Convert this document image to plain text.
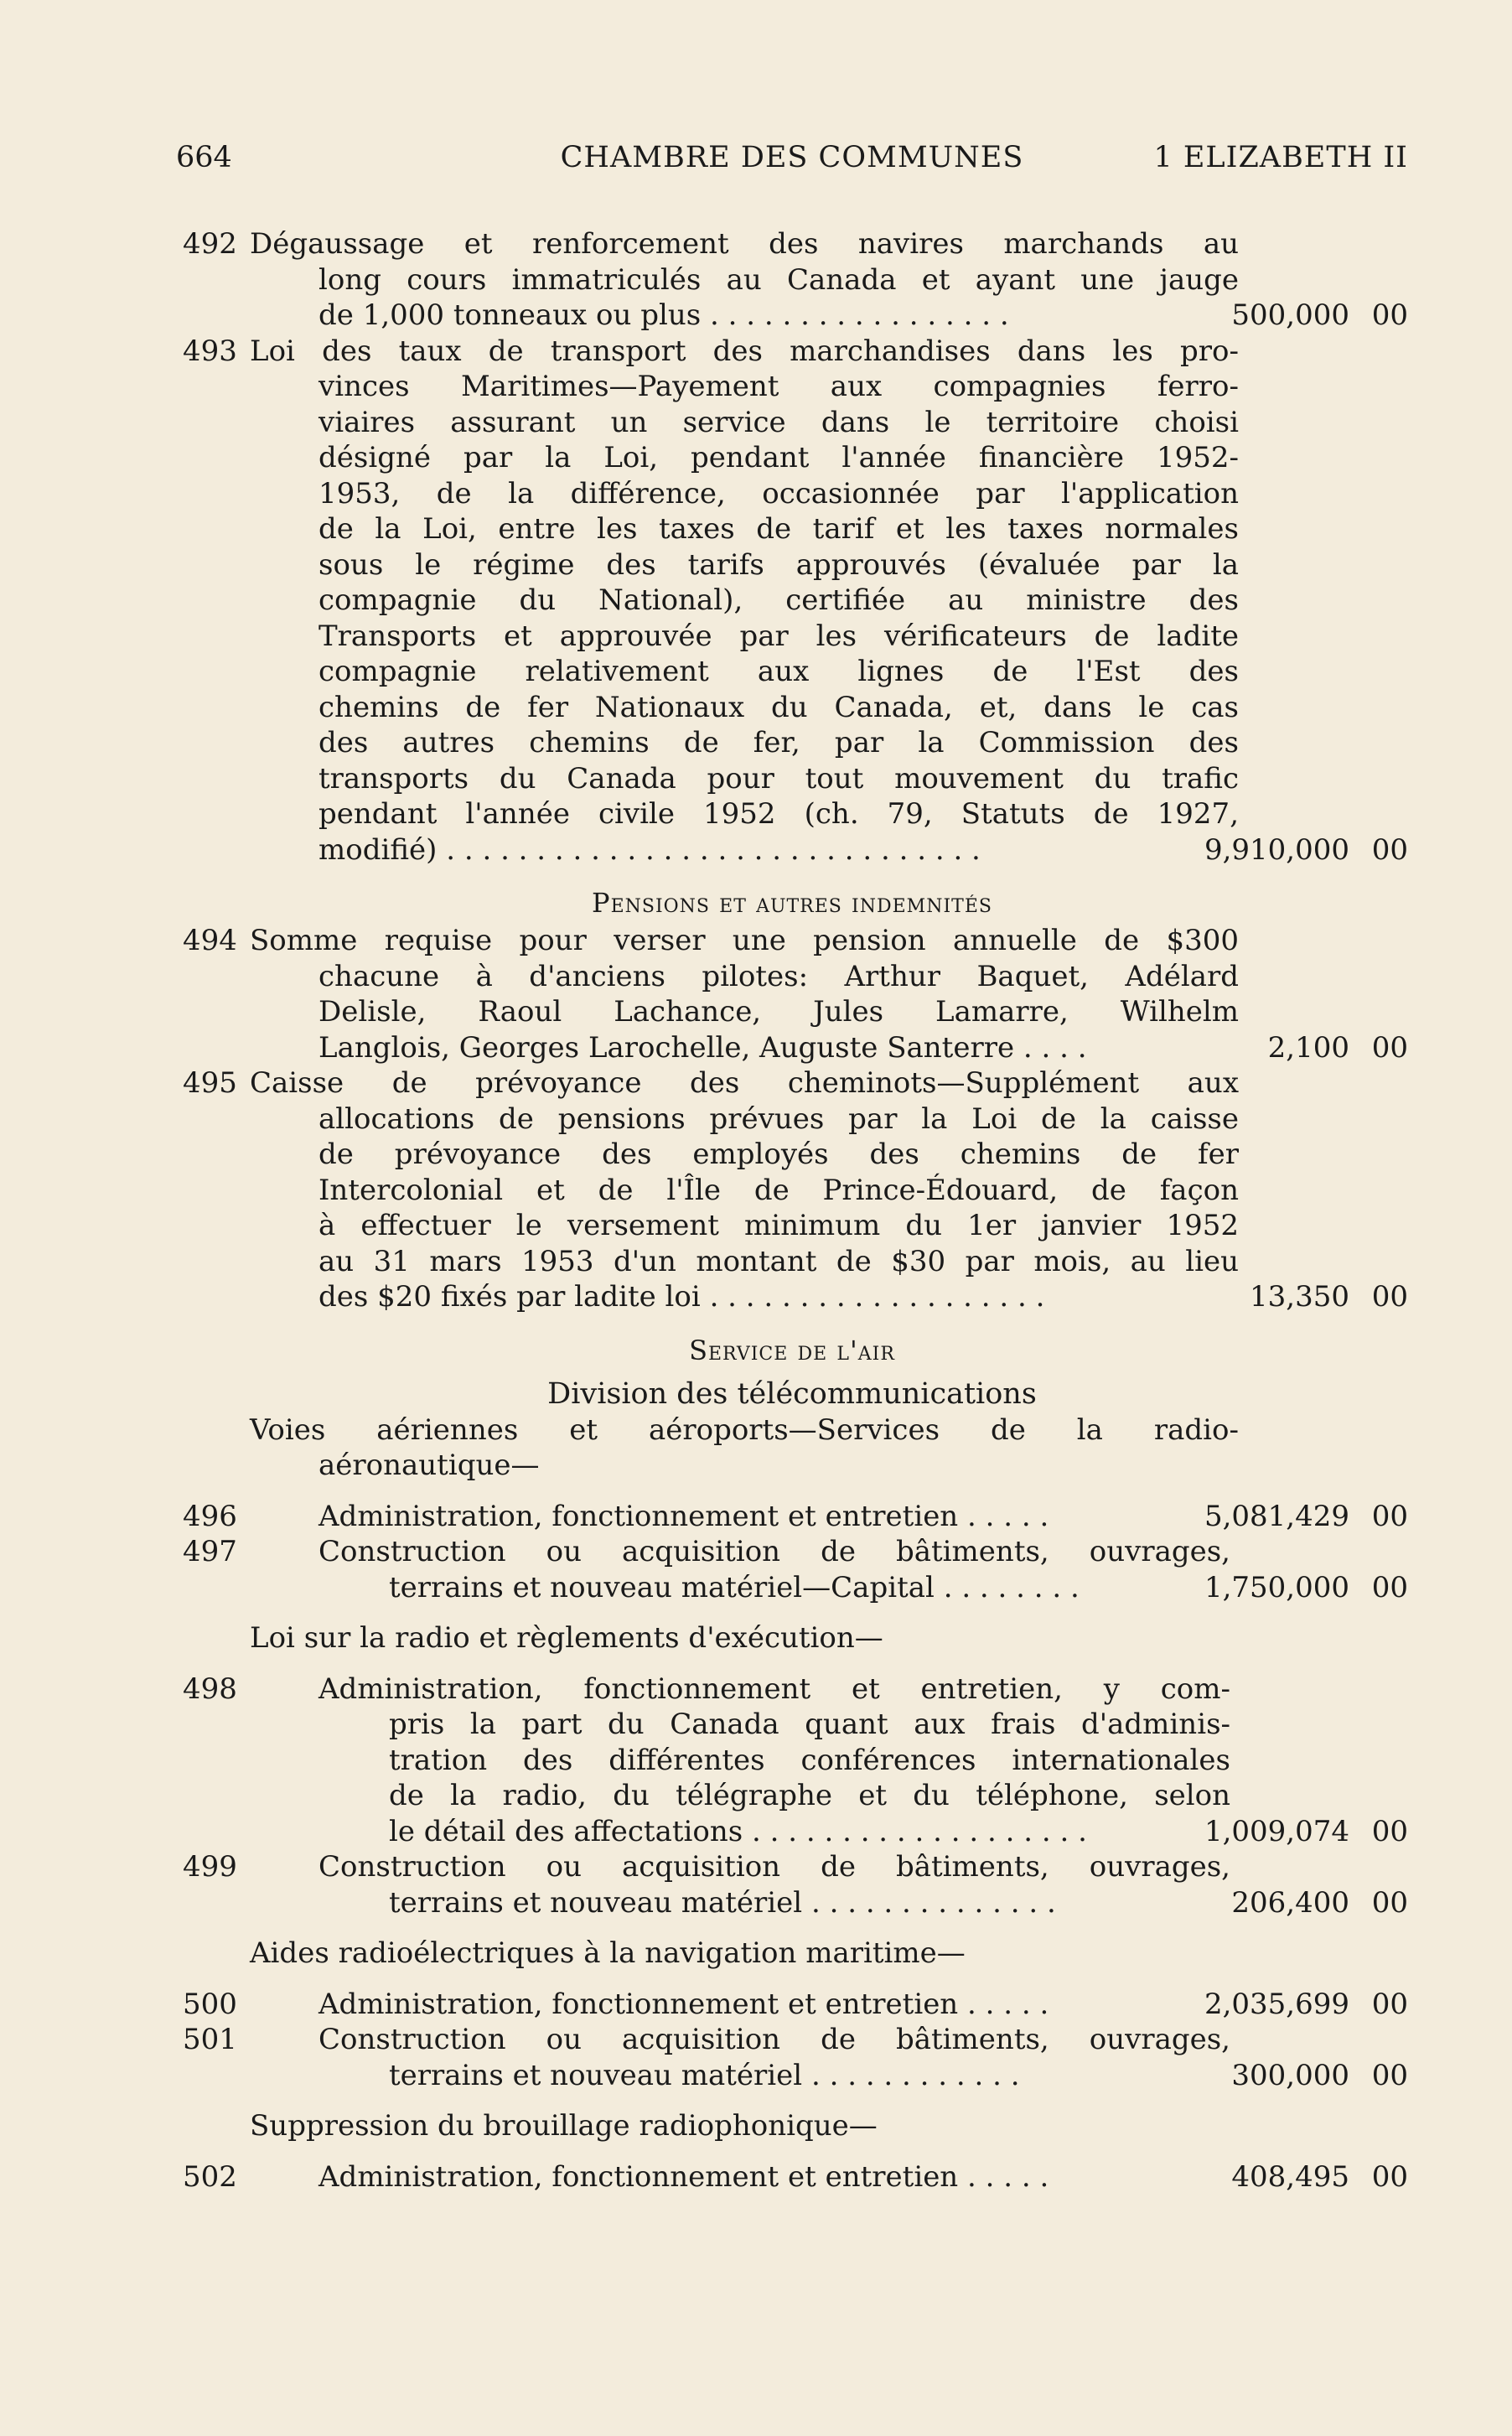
664	CHAMBRE DES COMMUNES	1 ELIZABETH II
492 Dégaussage et renforcement des navires marchands au
long cours immatriculés au Canada et ayant une jauge
de 1,000 tonneaux ou plus . . . . . . . . . . . . . . . . .	500,000 00
493 Loi des taux de transport des marchandises dans les pro-
vinces Maritimes—Payement aux compagnies ferro-
viaires assurant un service dans le territoire choisi
désigné par la Loi, pendant l'année financière 1952-
1953, de la différence, occasionnée par l'application
de la Loi, entre les taxes de tarif et les taxes normales
sous le régime des tarifs approuvés (évaluée par la
compagnie du National), certifiée au ministre des
Transports et approuvée par les vérificateurs de ladite
compagnie relativement aux lignes de l'Est des
chemins de fer Nationaux du Canada, et, dans le cas
des autres chemins de fer, par la Commission des
transports du Canada pour tout mouvement du trafic
pendant l'année civile 1952 (ch. 79, Statuts de 1927,
modifié) . . . . . . . . . . . . . . . . . . . . . . . . . . . . . .	9,910,000 00
Pensions et autres indemnités
494 Somme requise pour verser une pension annuelle de $300
chacune à d'anciens pilotes: Arthur Baquet, Adélard
Delisle, Raoul Lachance, Jules Lamarre, Wilhelm
Langlois, Georges Larochelle, Auguste Santerre . . . .	2,100 00
495 Caisse de prévoyance des cheminots—Supplément aux
allocations de pensions prévues par la Loi de la caisse
de prévoyance des employés des chemins de fer
Intercolonial et de l'Île de Prince-Édouard, de façon
à effectuer le versement minimum du 1er janvier 1952
au 31 mars 1953 d'un montant de $30 par mois, au lieu
des $20 fixés par ladite loi . . . . . . . . . . . . . . . . . . .	13,350 00
Service de l'air
Division des télécommunications
Voies aériennes et aéroports—Services de la radio-
aéronautique—
496	Administration, fonctionnement et entretien . . . . .	5,081,429 00
497	Construction ou acquisition de bâtiments, ouvrages,
terrains et nouveau matériel—Capital . . . . . . . .	1,750,000 00
Loi sur la radio et règlements d'exécution—
498	Administration, fonctionnement et entretien, y com-
pris la part du Canada quant aux frais d'adminis-
tration des différentes conférences internationales
de la radio, du télégraphe et du téléphone, selon
le détail des affectations . . . . . . . . . . . . . . . . . . .	1,009,074 00
499	Construction ou acquisition de bâtiments, ouvrages,
terrains et nouveau matériel . . . . . . . . . . . . . .	206,400 00
Aides radioélectriques à la navigation maritime—
500	Administration, fonctionnement et entretien . . . . .	2,035,699 00
501	Construction ou acquisition de bâtiments, ouvrages,
terrains et nouveau matériel . . . . . . . . . . . .	300,000 00
Suppression du brouillage radiophonique—
502	Administration, fonctionnement et entretien . . . . .	408,495 00
